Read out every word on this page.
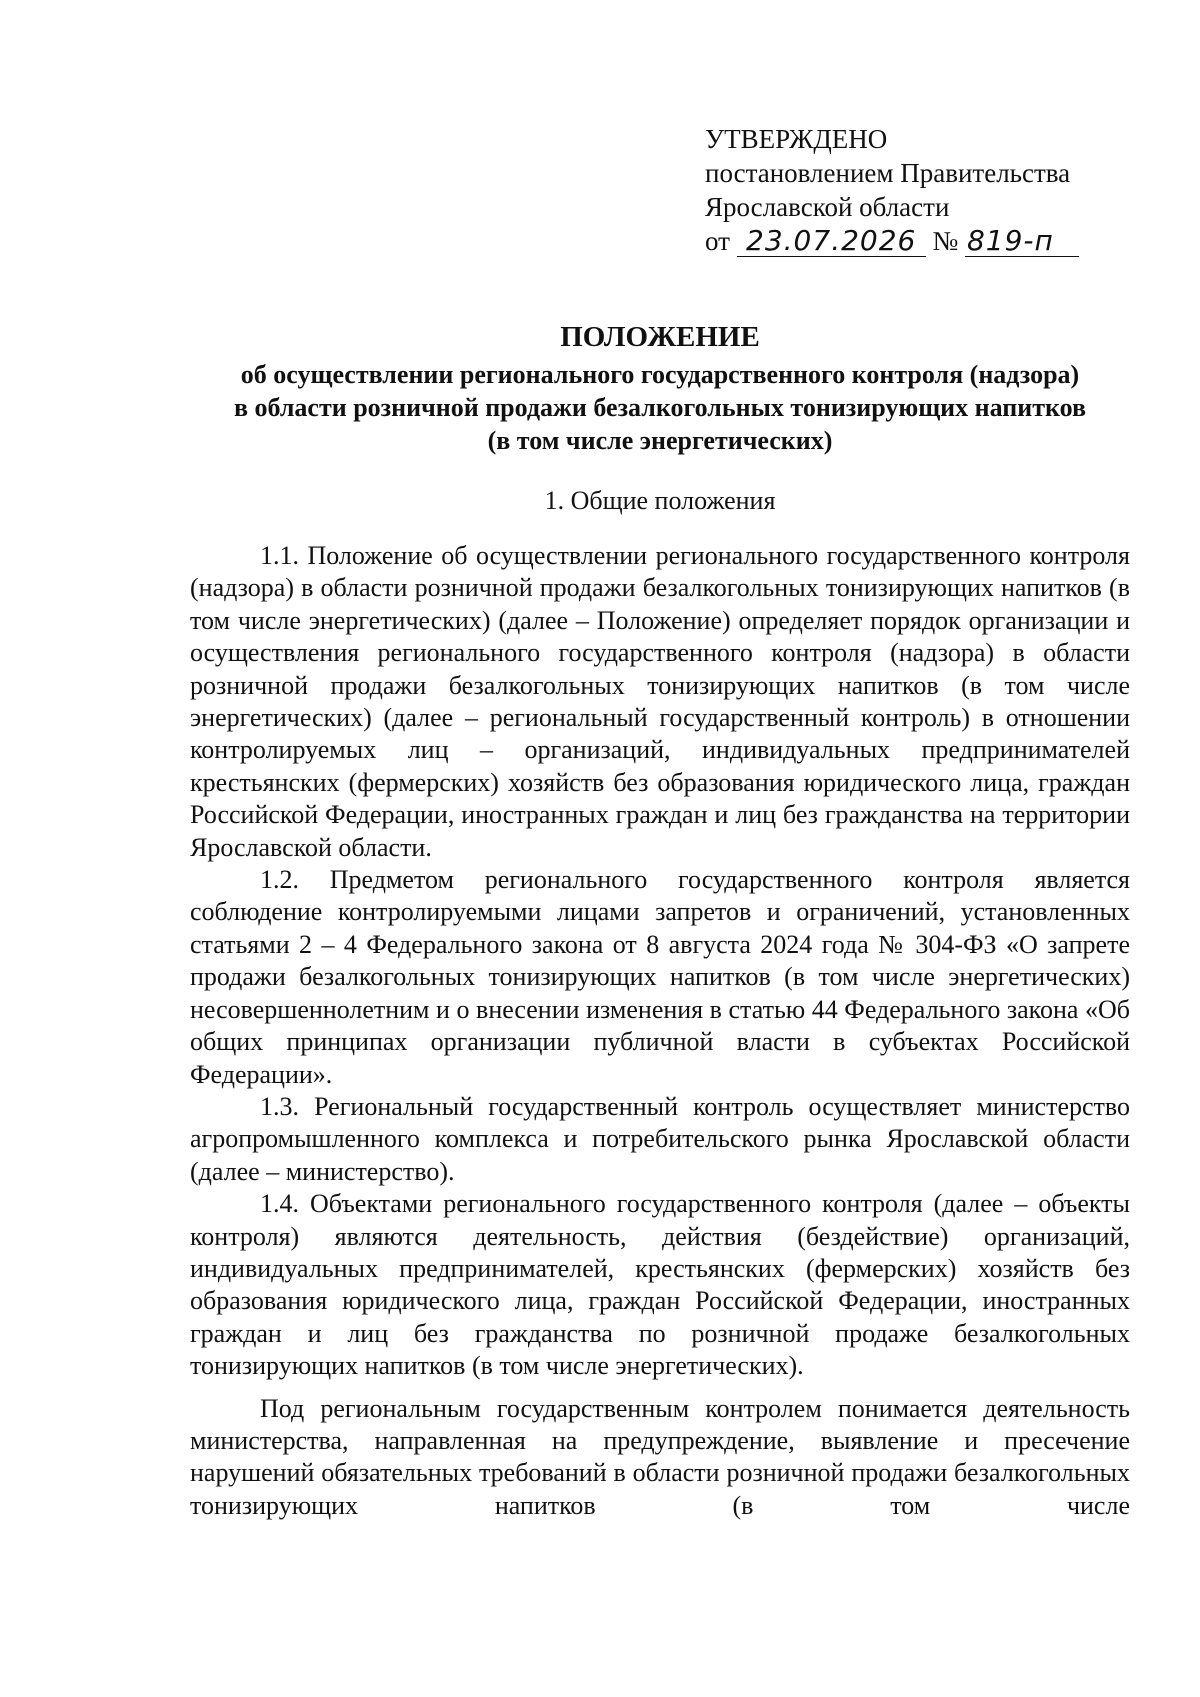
УТВЕРЖДЕНО
постановлением Правительства
Ярославской области
от 23.07.2026 № 819-п
ПОЛОЖЕНИЕ
об осуществлении регионального государственного контроля (надзора)
в области розничной продажи безалкогольных тонизирующих напитков
(в том числе энергетических)
1. Общие положения

1.1. Положение об осуществлении регионального государственного контроля (надзора) в области розничной продажи безалкогольных тонизирующих напитков (в том числе энергетических) (далее – Положение) определяет порядок организации и осуществления регионального государственного контроля (надзора) в области розничной продажи безалкогольных тонизирующих напитков (в том числе энергетических) (далее – региональный государственный контроль) в отношении контролируемых лиц – организаций, индивидуальных предпринимателей крестьянских (фермерских) хозяйств без образования юридического лица, граждан Российской Федерации, иностранных граждан и лиц без гражданства на территории Ярославской области.

1.2. Предметом регионального государственного контроля является соблюдение контролируемыми лицами запретов и ограничений, установленных статьями 2 – 4 Федерального закона от 8 августа 2024 года № 304-ФЗ «О запрете продажи безалкогольных тонизирующих напитков (в том числе энергетических) несовершеннолетним и о внесении изменения в статью 44 Федерального закона «Об общих принципах организации публичной власти в субъектах Российской Федерации».

1.3. Региональный государственный контроль осуществляет министерство агропромышленного комплекса и потребительского рынка Ярославской области (далее – министерство).

1.4. Объектами регионального государственного контроля (далее – объекты контроля) являются деятельность, действия (бездействие) организаций, индивидуальных предпринимателей, крестьянских (фермерских) хозяйств без образования юридического лица, граждан Российской Федерации, иностранных граждан и лиц без гражданства по розничной продаже безалкогольных тонизирующих напитков (в том числе энергетических).

Под региональным государственным контролем понимается деятельность министерства, направленная на предупреждение, выявление и пресечение нарушений обязательных требований в области розничной продажи безалкогольных тонизирующих напитков (в том числе
